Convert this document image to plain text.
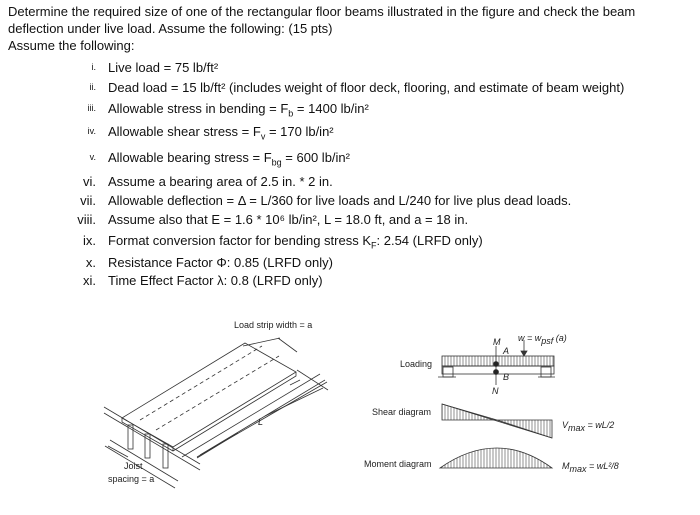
Determine the required size of one of the rectangular floor beams illustrated in the figure and check the beam
deflection under live load. Assume the following: (15 pts)
Assume the following:
i. Live load = 75 lb/ft²
ii. Dead load = 15 lb/ft² (includes weight of floor deck, flooring, and estimate of beam weight)
iii. Allowable stress in bending = $F_b = 1400$ lb/in²
iv. Allowable shear stress = $F_v = 170$ lb/in²
v. Allowable bearing stress = $F_{bg} = 600$ lb/in²
vi. Assume a bearing area of 2.5 in. * 2 in.
vii. Allowable deflection = Δ = L/360 for live loads and L/240 for live plus dead loads.
viii. Assume also that E = 1.6 * 10⁶ lb/in², L = 18.0 ft, and a = 18 in.
ix. Format conversion factor for bending stress $K_F$: 2.54 (LRFD only)
x. Resistance Factor Φ: 0.85 (LRFD only)
xi. Time Effect Factor λ: 0.8 (LRFD only)
Load strip width = a
L
Joist
spacing = a
Loading
Shear diagram
Moment diagram
M
N
A
B
$w = w_{psf}$ (a)
$V_{max} = wL/2$
$M_{max} = wL^2/8$
